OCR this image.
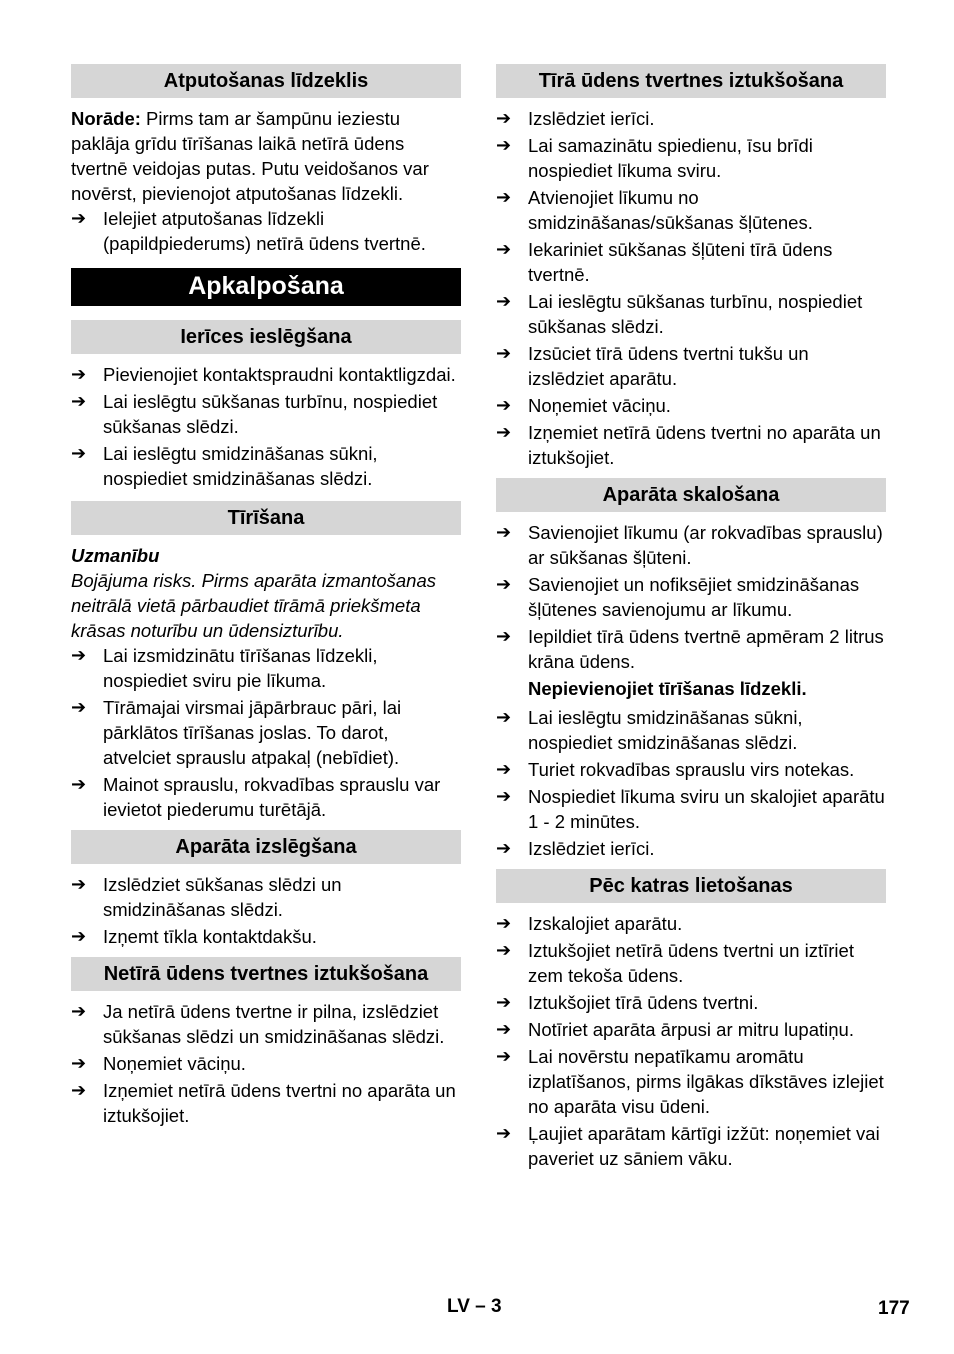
Atputošanas līdzeklis
Norāde: Pirms tam ar šampūnu ieziestu paklāja grīdu tīrīšanas laikā netīrā ūdens tvertnē veidojas putas. Putu veidošanos var novērst, pievienojot atputošanas līdzekli.
➔ Ielejiet atputošanas līdzekli (papildpiederums) netīrā ūdens tvertnē.
Apkalpošana
Ierīces ieslēgšana
➔ Pievienojiet kontaktspraudni kontaktligzdai.
➔ Lai ieslēgtu sūkšanas turbīnu, nospiediet sūkšanas slēdzi.
➔ Lai ieslēgtu smidzināšanas sūkni, nospiediet smidzināšanas slēdzi.
Tīrīšana
Uzmanību
Bojājuma risks. Pirms aparāta izmantošanas neitrālā vietā pārbaudiet tīrāmā priekšmeta krāsas noturību un ūdensizturību.
➔ Lai izsmidzinātu tīrīšanas līdzekli, nospiediet sviru pie līkuma.
➔ Tīrāmajai virsmai jāpārbrauc pāri, lai pārklātos tīrīšanas joslas. To darot, atvelciet sprauslu atpakaļ (nebīdiet).
➔ Mainot sprauslu, rokvadības sprauslu var ievietot piederumu turētājā.
Aparāta izslēgšana
➔ Izslēdziet sūkšanas slēdzi un smidzināšanas slēdzi.
➔ Izņemt tīkla kontaktdakšu.
Netīrā ūdens tvertnes iztukšošana
➔ Ja netīrā ūdens tvertne ir pilna, izslēdziet sūkšanas slēdzi un smidzināšanas slēdzi.
➔ Noņemiet vāciņu.
➔ Izņemiet netīrā ūdens tvertni no aparāta un iztukšojiet.
Tīrā ūdens tvertnes iztukšošana
➔ Izslēdziet ierīci.
➔ Lai samazinātu spiedienu, īsu brīdi nospiediet līkuma sviru.
➔ Atvienojiet līkumu no smidzināšanas/sūkšanas šļūtenes.
➔ Iekariniet sūkšanas šļūteni tīrā ūdens tvertnē.
➔ Lai ieslēgtu sūkšanas turbīnu, nospiediet sūkšanas slēdzi.
➔ Izsūciet tīrā ūdens tvertni tukšu un izslēdziet aparātu.
➔ Noņemiet vāciņu.
➔ Izņemiet netīrā ūdens tvertni no aparāta un iztukšojiet.
Aparāta skalošana
➔ Savienojiet līkumu (ar rokvadības sprauslu) ar sūkšanas šļūteni.
➔ Savienojiet un nofiksējiet smidzināšanas šļūtenes savienojumu ar līkumu.
➔ Iepildiet tīrā ūdens tvertnē apmēram 2 litrus krāna ūdens.
Nepievienojiet tīrīšanas līdzekli.
➔ Lai ieslēgtu smidzināšanas sūkni, nospiediet smidzināšanas slēdzi.
➔ Turiet rokvadības sprauslu virs notekas.
➔ Nospiediet līkuma sviru un skalojiet aparātu 1 - 2 minūtes.
➔ Izslēdziet ierīci.
Pēc katras lietošanas
➔ Izskalojiet aparātu.
➔ Iztukšojiet netīrā ūdens tvertni un iztīriet zem tekoša ūdens.
➔ Iztukšojiet tīrā ūdens tvertni.
➔ Notīriet aparāta ārpusi ar mitru lupatiņu.
➔ Lai novērstu nepatīkamu aromātu izplatīšanos, pirms ilgākas dīkstāves izlejiet no aparāta visu ūdeni.
➔ Ļaujiet aparātam kārtīgi izžūt: noņemiet vai paveriet uz sāniem vāku.
LV – 3	177
